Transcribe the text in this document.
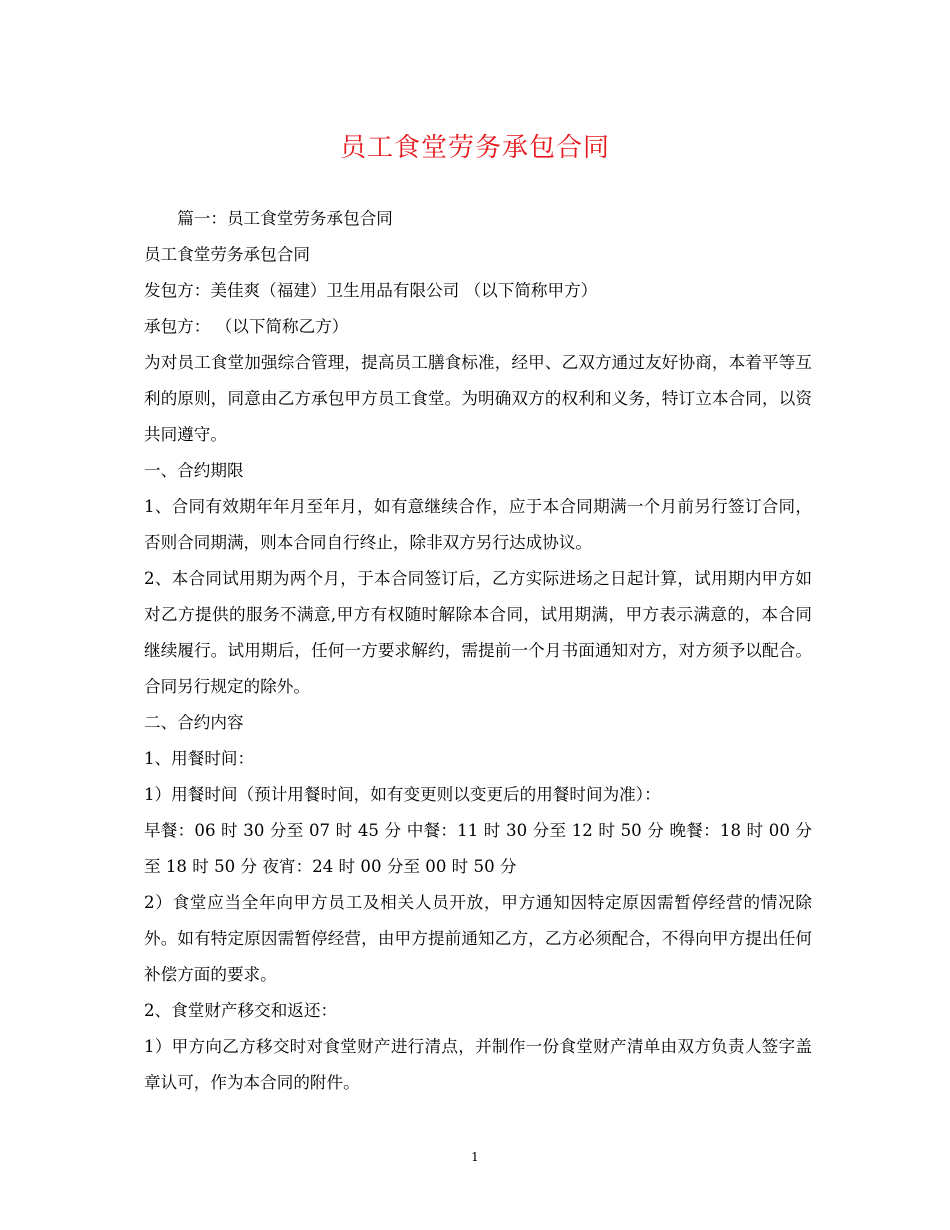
员工食堂劳务承包合同

篇一：员工食堂劳务承包合同

员工食堂劳务承包合同

发包方：美佳爽（福建）卫生用品有限公司 （以下简称甲方）

承包方： （以下简称乙方）

为对员工食堂加强综合管理，提高员工膳食标准，经甲、乙双方通过友好协商，本着平等互利的原则，同意由乙方承包甲方员工食堂。为明确双方的权利和义务，特订立本合同，以资共同遵守。

一、合约期限

1、合同有效期年年月至年月，如有意继续合作，应于本合同期满一个月前另行签订合同，否则合同期满，则本合同自行终止，除非双方另行达成协议。

2、本合同试用期为两个月，于本合同签订后，乙方实际进场之日起计算，试用期内甲方如对乙方提供的服务不满意,甲方有权随时解除本合同，试用期满，甲方表示满意的，本合同继续履行。试用期后，任何一方要求解约，需提前一个月书面通知对方，对方须予以配合。合同另行规定的除外。

二、合约内容

1、用餐时间：

1）用餐时间（预计用餐时间，如有变更则以变更后的用餐时间为准）：

早餐：06 时 30 分至 07 时 45 分 中餐：11 时 30 分至 12 时 50 分 晚餐：18 时 00 分至 18 时 50 分 夜宵：24 时 00 分至 00 时 50 分

2）食堂应当全年向甲方员工及相关人员开放，甲方通知因特定原因需暂停经营的情况除外。如有特定原因需暂停经营，由甲方提前通知乙方，乙方必须配合，不得向甲方提出任何补偿方面的要求。

2、食堂财产移交和返还：

1）甲方向乙方移交时对食堂财产进行清点，并制作一份食堂财产清单由双方负责人签字盖章认可，作为本合同的附件。

1
